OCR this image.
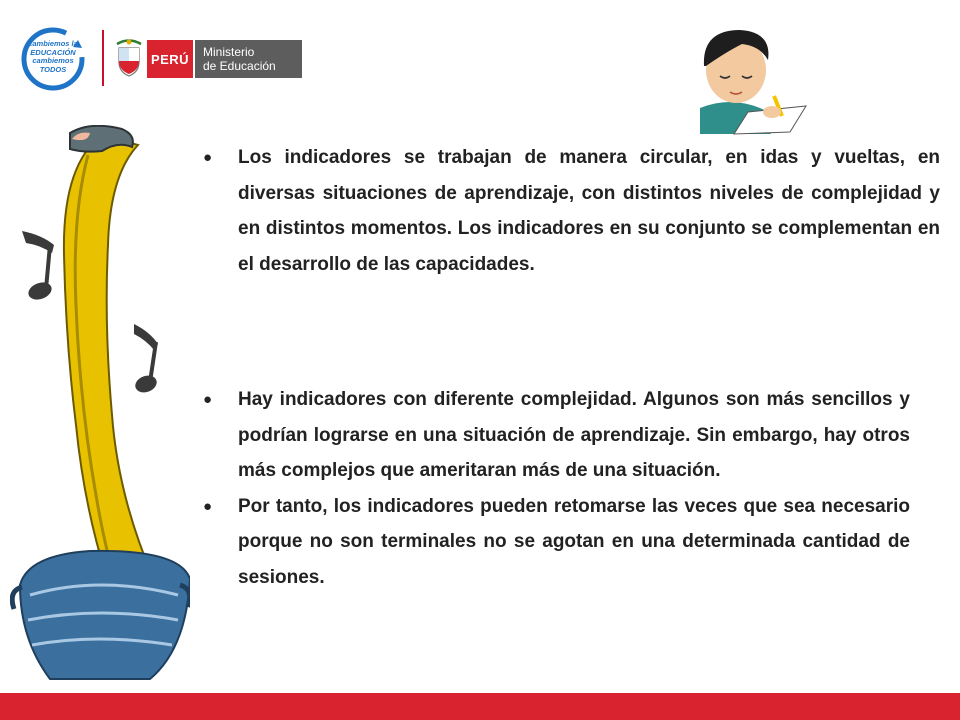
cambiemos la
EDUCACIÓN
cambiemos
TODOS
PERÚ	Ministerio
de Educación
●	Los indicadores se trabajan de manera circular, en idas y vueltas, en diversas situaciones de aprendizaje, con distintos niveles de complejidad y en distintos momentos. Los indicadores en su conjunto se complementan en el desarrollo de las capacidades.
●	Hay indicadores con diferente complejidad. Algunos son más sencillos y podrían lograrse en una situación de aprendizaje. Sin embargo, hay otros más complejos que ameritaran más de una situación.
●	Por tanto, los indicadores pueden retomarse las veces que sea necesario porque no son terminales no se agotan en una determinada cantidad de sesiones.
